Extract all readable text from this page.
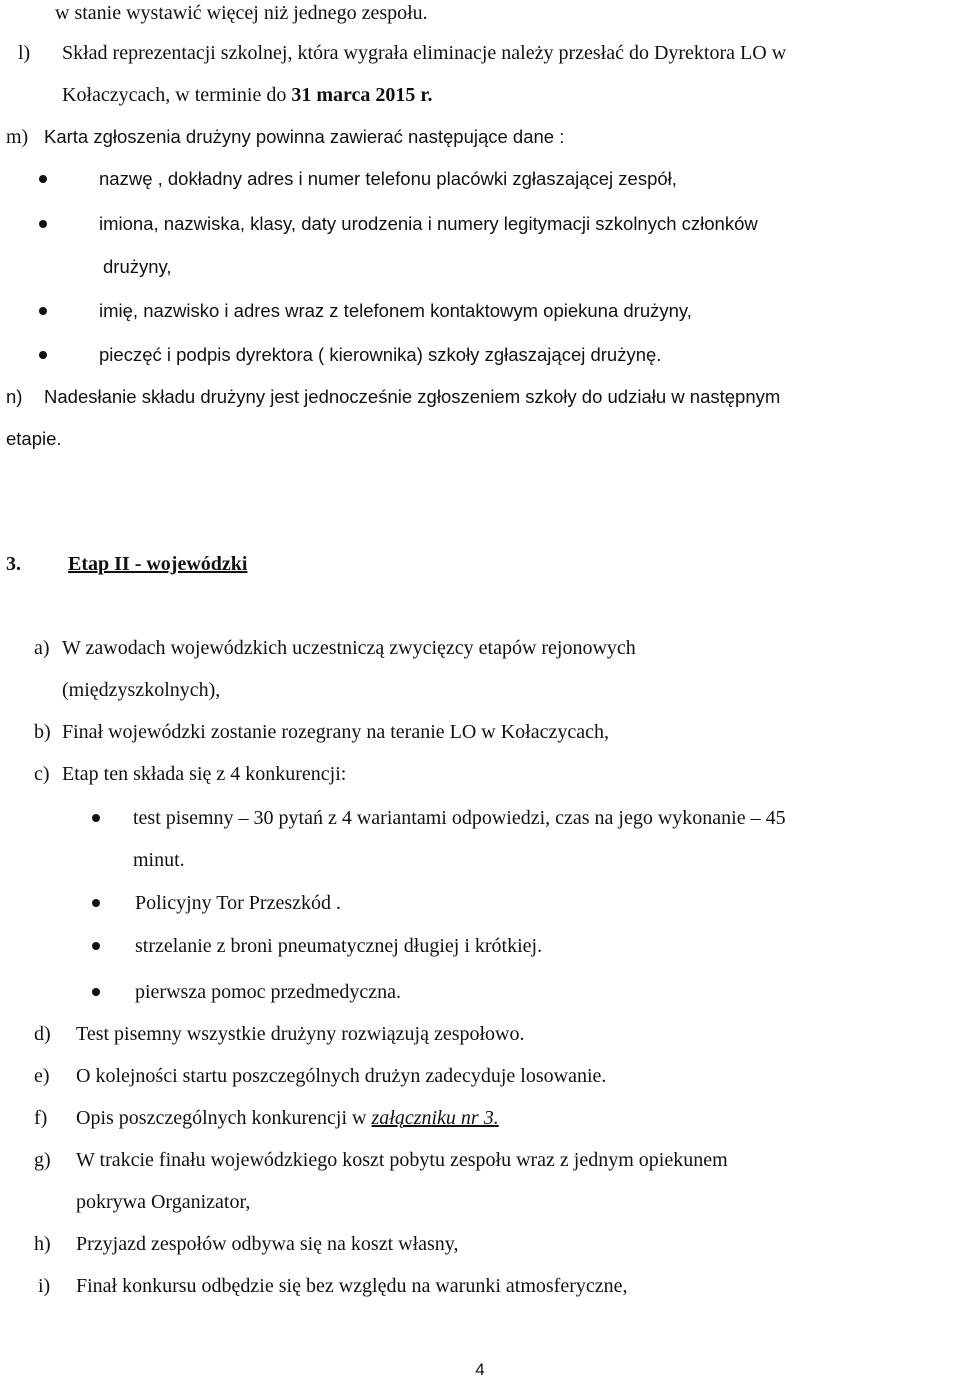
w stanie wystawić więcej niż jednego zespołu.
l) Skład reprezentacji szkolnej, która wygrała eliminacje należy przesłać do Dyrektora LO w
Kołaczycach, w terminie do 31 marca 2015 r.
m) Karta zgłoszenia drużyny powinna zawierać następujące dane :
nazwę , dokładny adres i numer telefonu placówki zgłaszającej zespół,
imiona, nazwiska, klasy, daty urodzenia i numery legitymacji szkolnych członków
drużyny,
imię, nazwisko i adres wraz z telefonem kontaktowym opiekuna drużyny,
pieczęć i podpis dyrektora ( kierownika) szkoły zgłaszającej drużynę.
n) Nadesłanie składu drużyny jest jednocześnie zgłoszeniem szkoły do udziału w następnym
etapie.
3. Etap II - wojewódzki
a) W zawodach wojewódzkich uczestniczą zwycięzcy etapów rejonowych
(międzyszkolnych),
b) Finał wojewódzki zostanie rozegrany na teranie LO w Kołaczycach,
c) Etap ten składa się z 4 konkurencji:
test pisemny – 30 pytań z 4 wariantami odpowiedzi, czas na jego wykonanie – 45
minut.
Policyjny Tor Przeszkód .
strzelanie z broni pneumatycznej długiej i krótkiej.
pierwsza pomoc przedmedyczna.
d) Test pisemny wszystkie drużyny rozwiązują zespołowo.
e) O kolejności startu poszczególnych drużyn zadecyduje losowanie.
f) Opis poszczególnych konkurencji w załączniku nr 3.
g) W trakcie finału wojewódzkiego koszt pobytu zespołu wraz z jednym opiekunem
pokrywa Organizator,
h) Przyjazd zespołów odbywa się na koszt własny,
i) Finał konkursu odbędzie się bez względu na warunki atmosferyczne,
4
